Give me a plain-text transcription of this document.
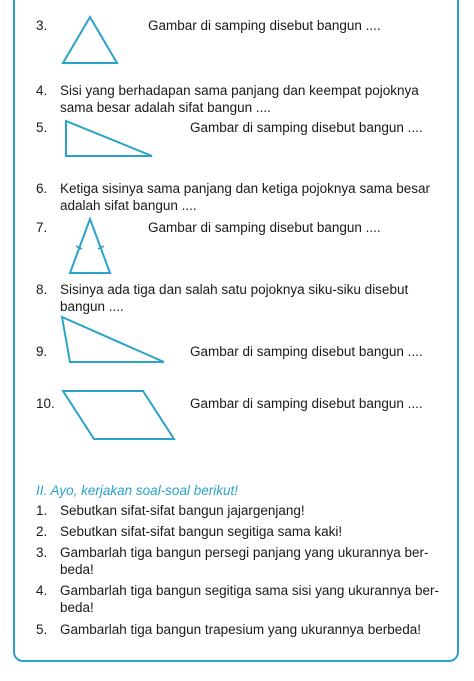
3.	Gambar di samping disebut bangun ....
4. Sisi yang berhadapan sama panjang dan keempat pojoknya
sama besar adalah sifat bangun ....
5.	Gambar di samping disebut bangun ....
6. Ketiga sisinya sama panjang dan ketiga pojoknya sama besar
adalah sifat bangun ....
7.	Gambar di samping disebut bangun ....
8. Sisinya ada tiga dan salah satu pojoknya siku-siku disebut
bangun ....
9.	Gambar di samping disebut bangun ....
10.	Gambar di samping disebut bangun ....
II. Ayo, kerjakan soal-soal berikut!
1. Sebutkan sifat-sifat bangun jajargenjang!
2. Sebutkan sifat-sifat bangun segitiga sama kaki!
3. Gambarlah tiga bangun persegi panjang yang ukurannya ber-
beda!
4. Gambarlah tiga bangun segitiga sama sisi yang ukurannya ber-
beda!
5. Gambarlah tiga bangun trapesium yang ukurannya berbeda!
